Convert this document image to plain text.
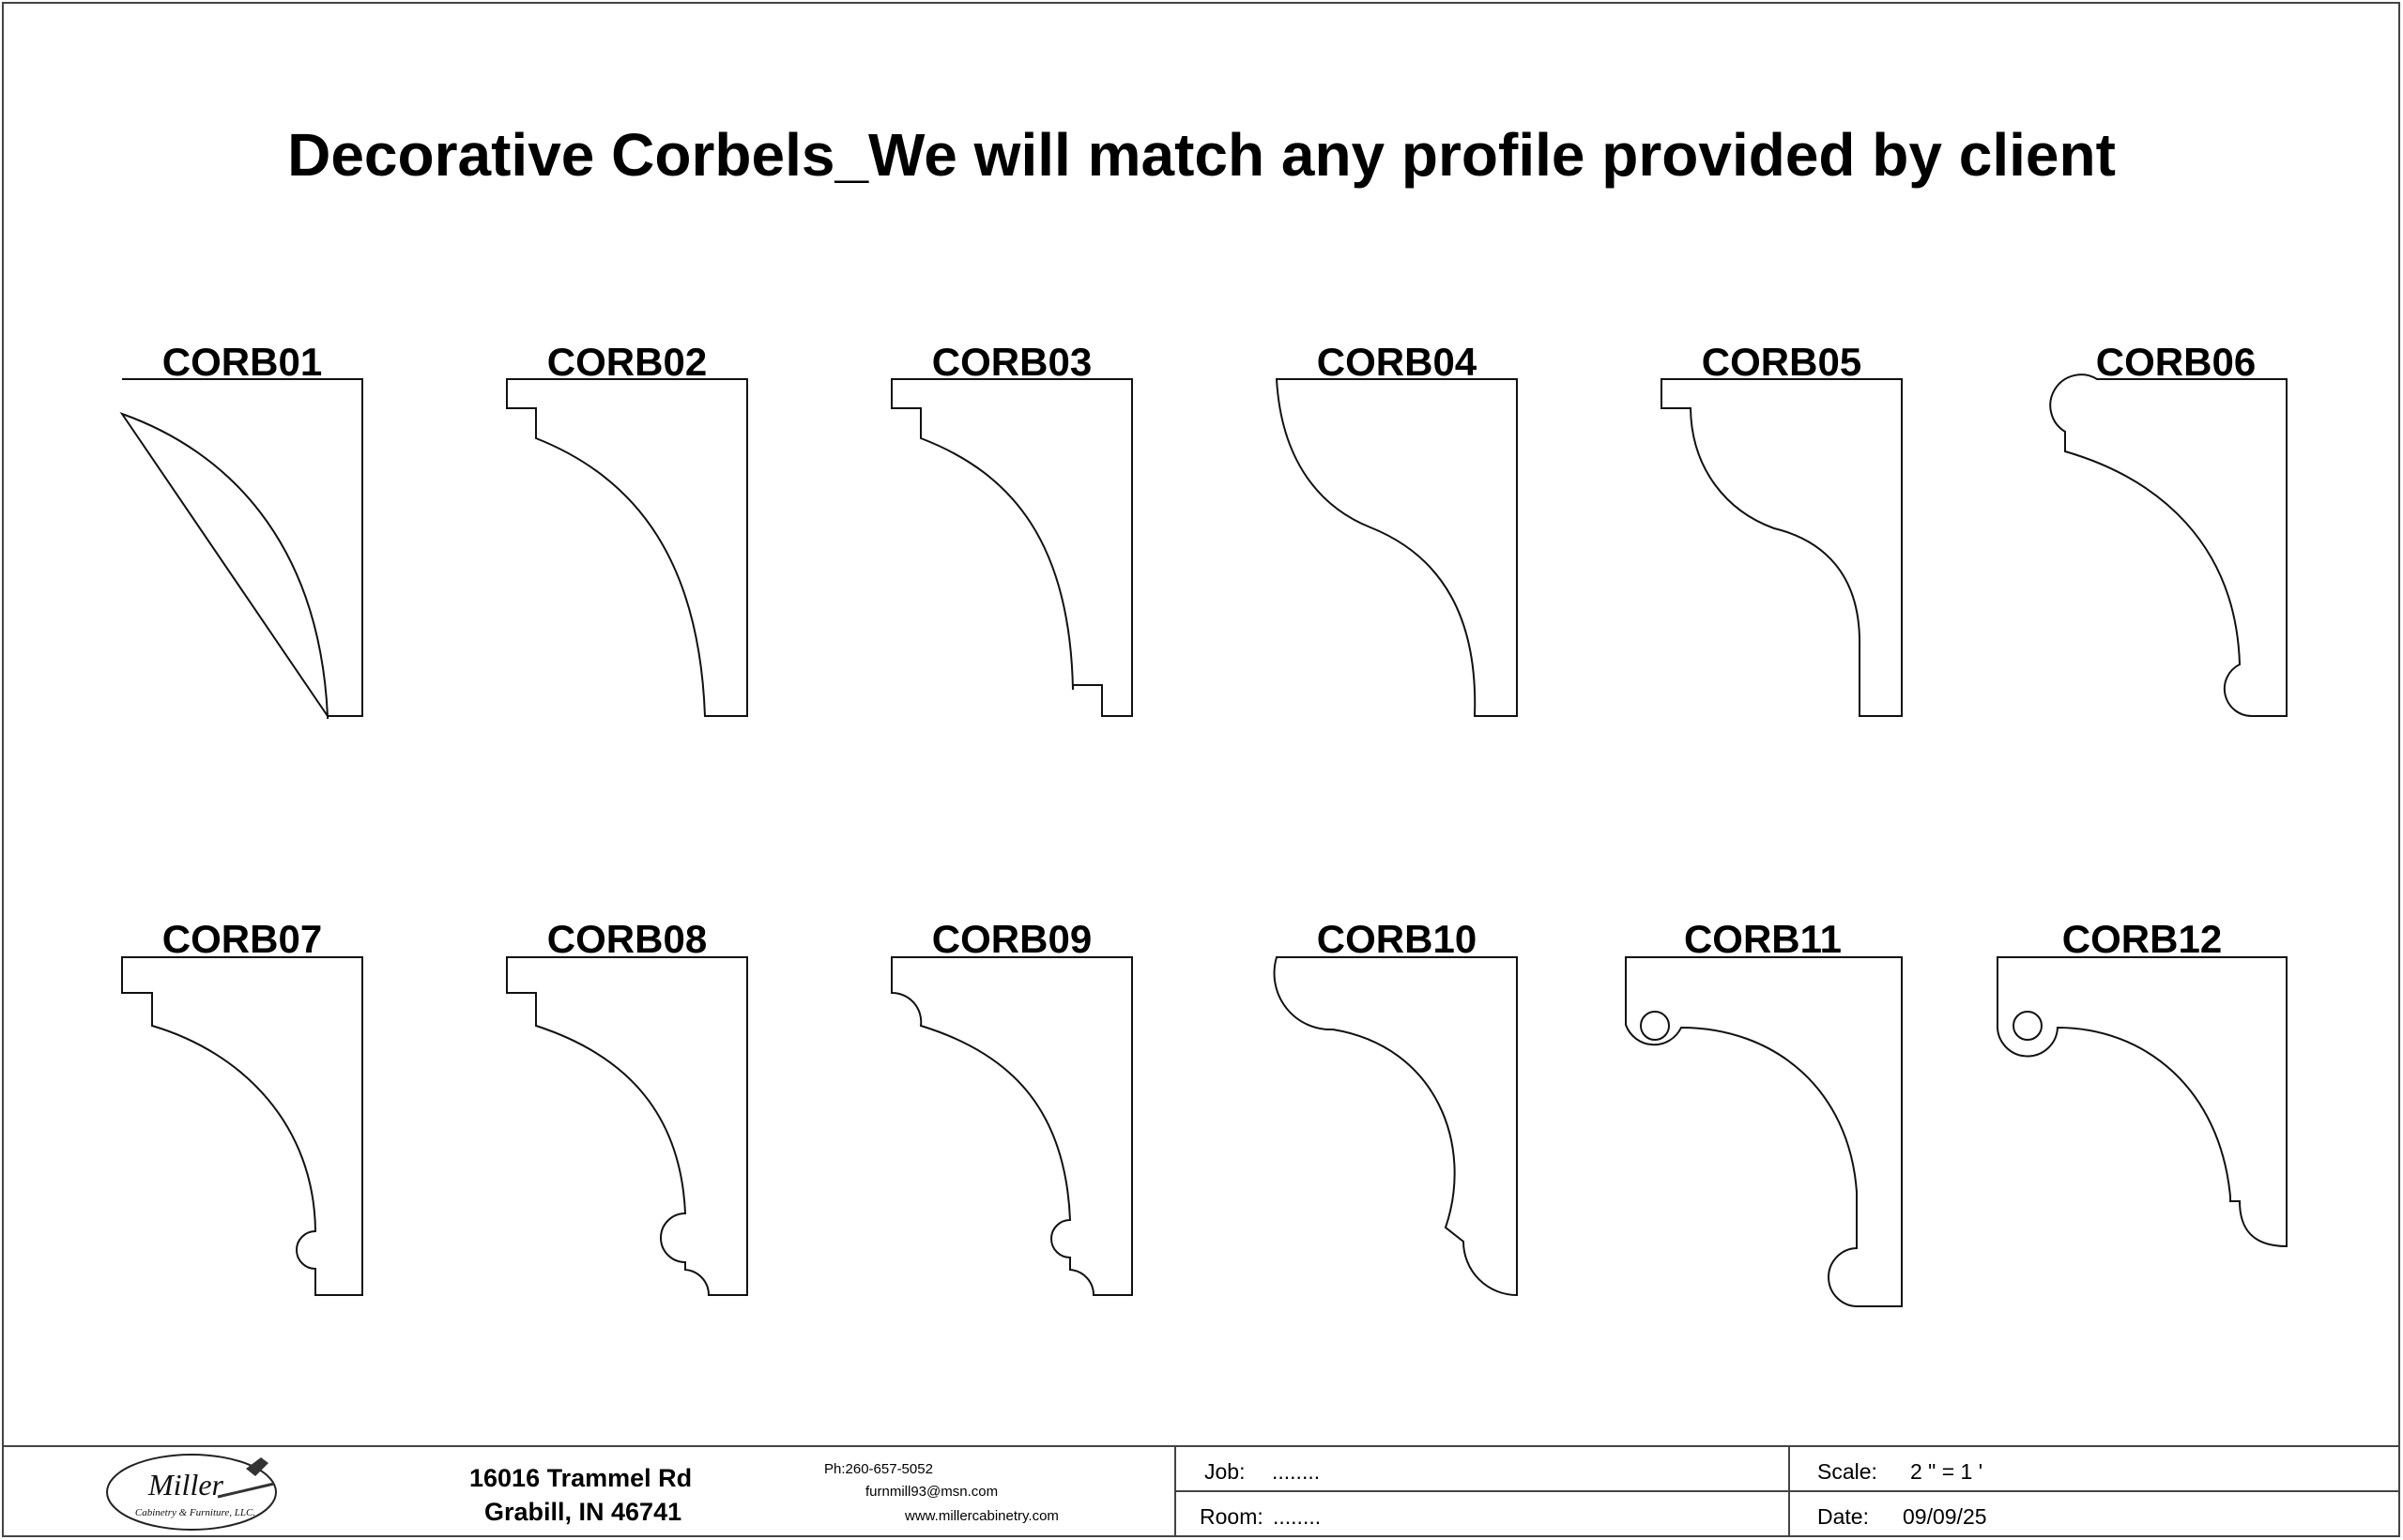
Decorative Corbels_We will match any profile provided by client
CORB01	CORB02	CORB03	CORB04	CORB05	CORB06
CORB07	CORB08	CORB09	CORB10	CORB11	CORB12
Miller
Cabinetry & Furniture, LLC.
16016 Trammel Rd
Grabill, IN 46741
Ph:260-657-5052
furnmill93@msn.com
www.millercabinetry.com
Job: ........
Room: ........
Scale: 2 " = 1 '
Date: 09/09/25
